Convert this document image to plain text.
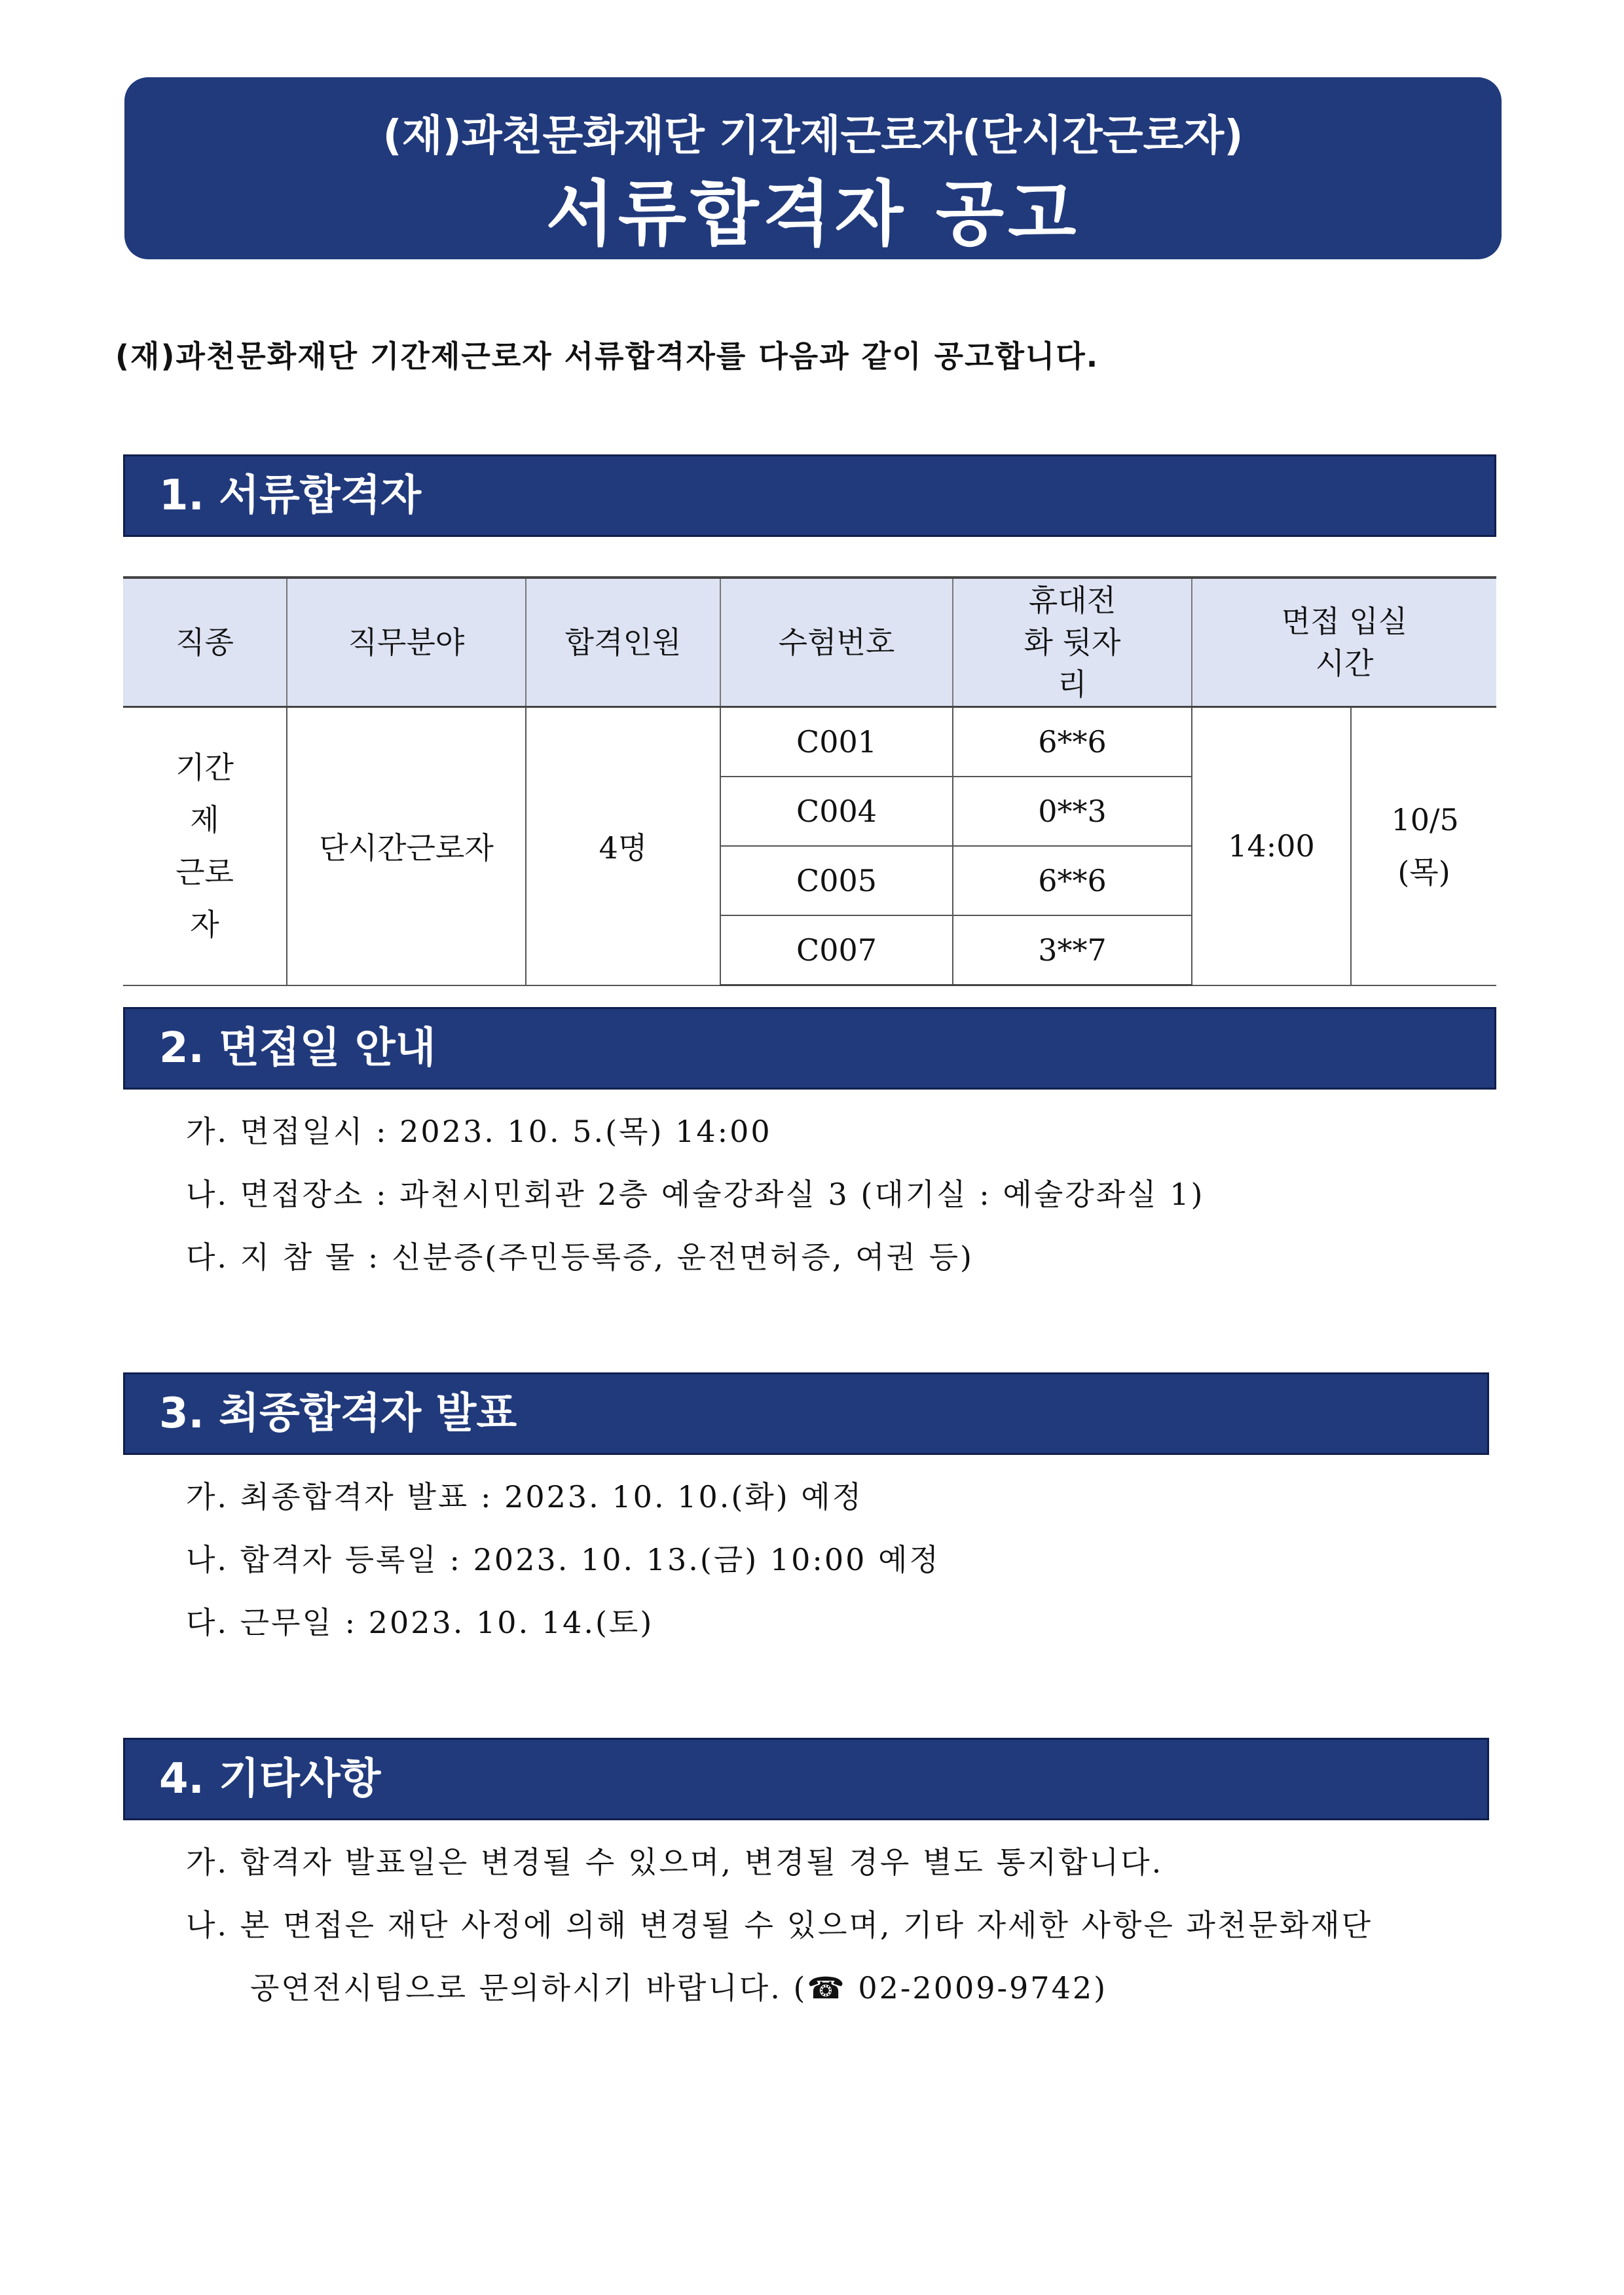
(재)과천문화재단 기간제근로자(단시간근로자)
서류합격자 공고
(재)과천문화재단 기간제근로자 서류합격자를 다음과 같이 공고합니다.
1. 서류합격자
직종	직무분야	합격인원	수험번호	휴대전화 뒷자리	면접 입실시간	

기간제 근로자	단시간근로자	4명	C001	6**6	14:00	10/5 (목)

			C004	0**3		
			C005	6**6		
			C007	3**7		
2. 면접일 안내
가. 면접일시 : 2023. 10. 5.(목) 14:00
나. 면접장소 : 과천시민회관 2층 예술강좌실 3 (대기실 : 예술강좌실 1)
다. 지 참 물 : 신분증(주민등록증, 운전면허증, 여권 등)
3. 최종합격자 발표
가. 최종합격자 발표 : 2023. 10. 10.(화) 예정
나. 합격자 등록일 : 2023. 10. 13.(금) 10:00 예정
다. 근무일 : 2023. 10. 14.(토)
4. 기타사항
가. 합격자 발표일은 변경될 수 있으며, 변경될 경우 별도 통지합니다.
나. 본 면접은 재단 사정에 의해 변경될 수 있으며, 기타 자세한 사항은 과천문화재단
공연전시팀으로 문의하시기 바랍니다. (☎ 02-2009-9742)
